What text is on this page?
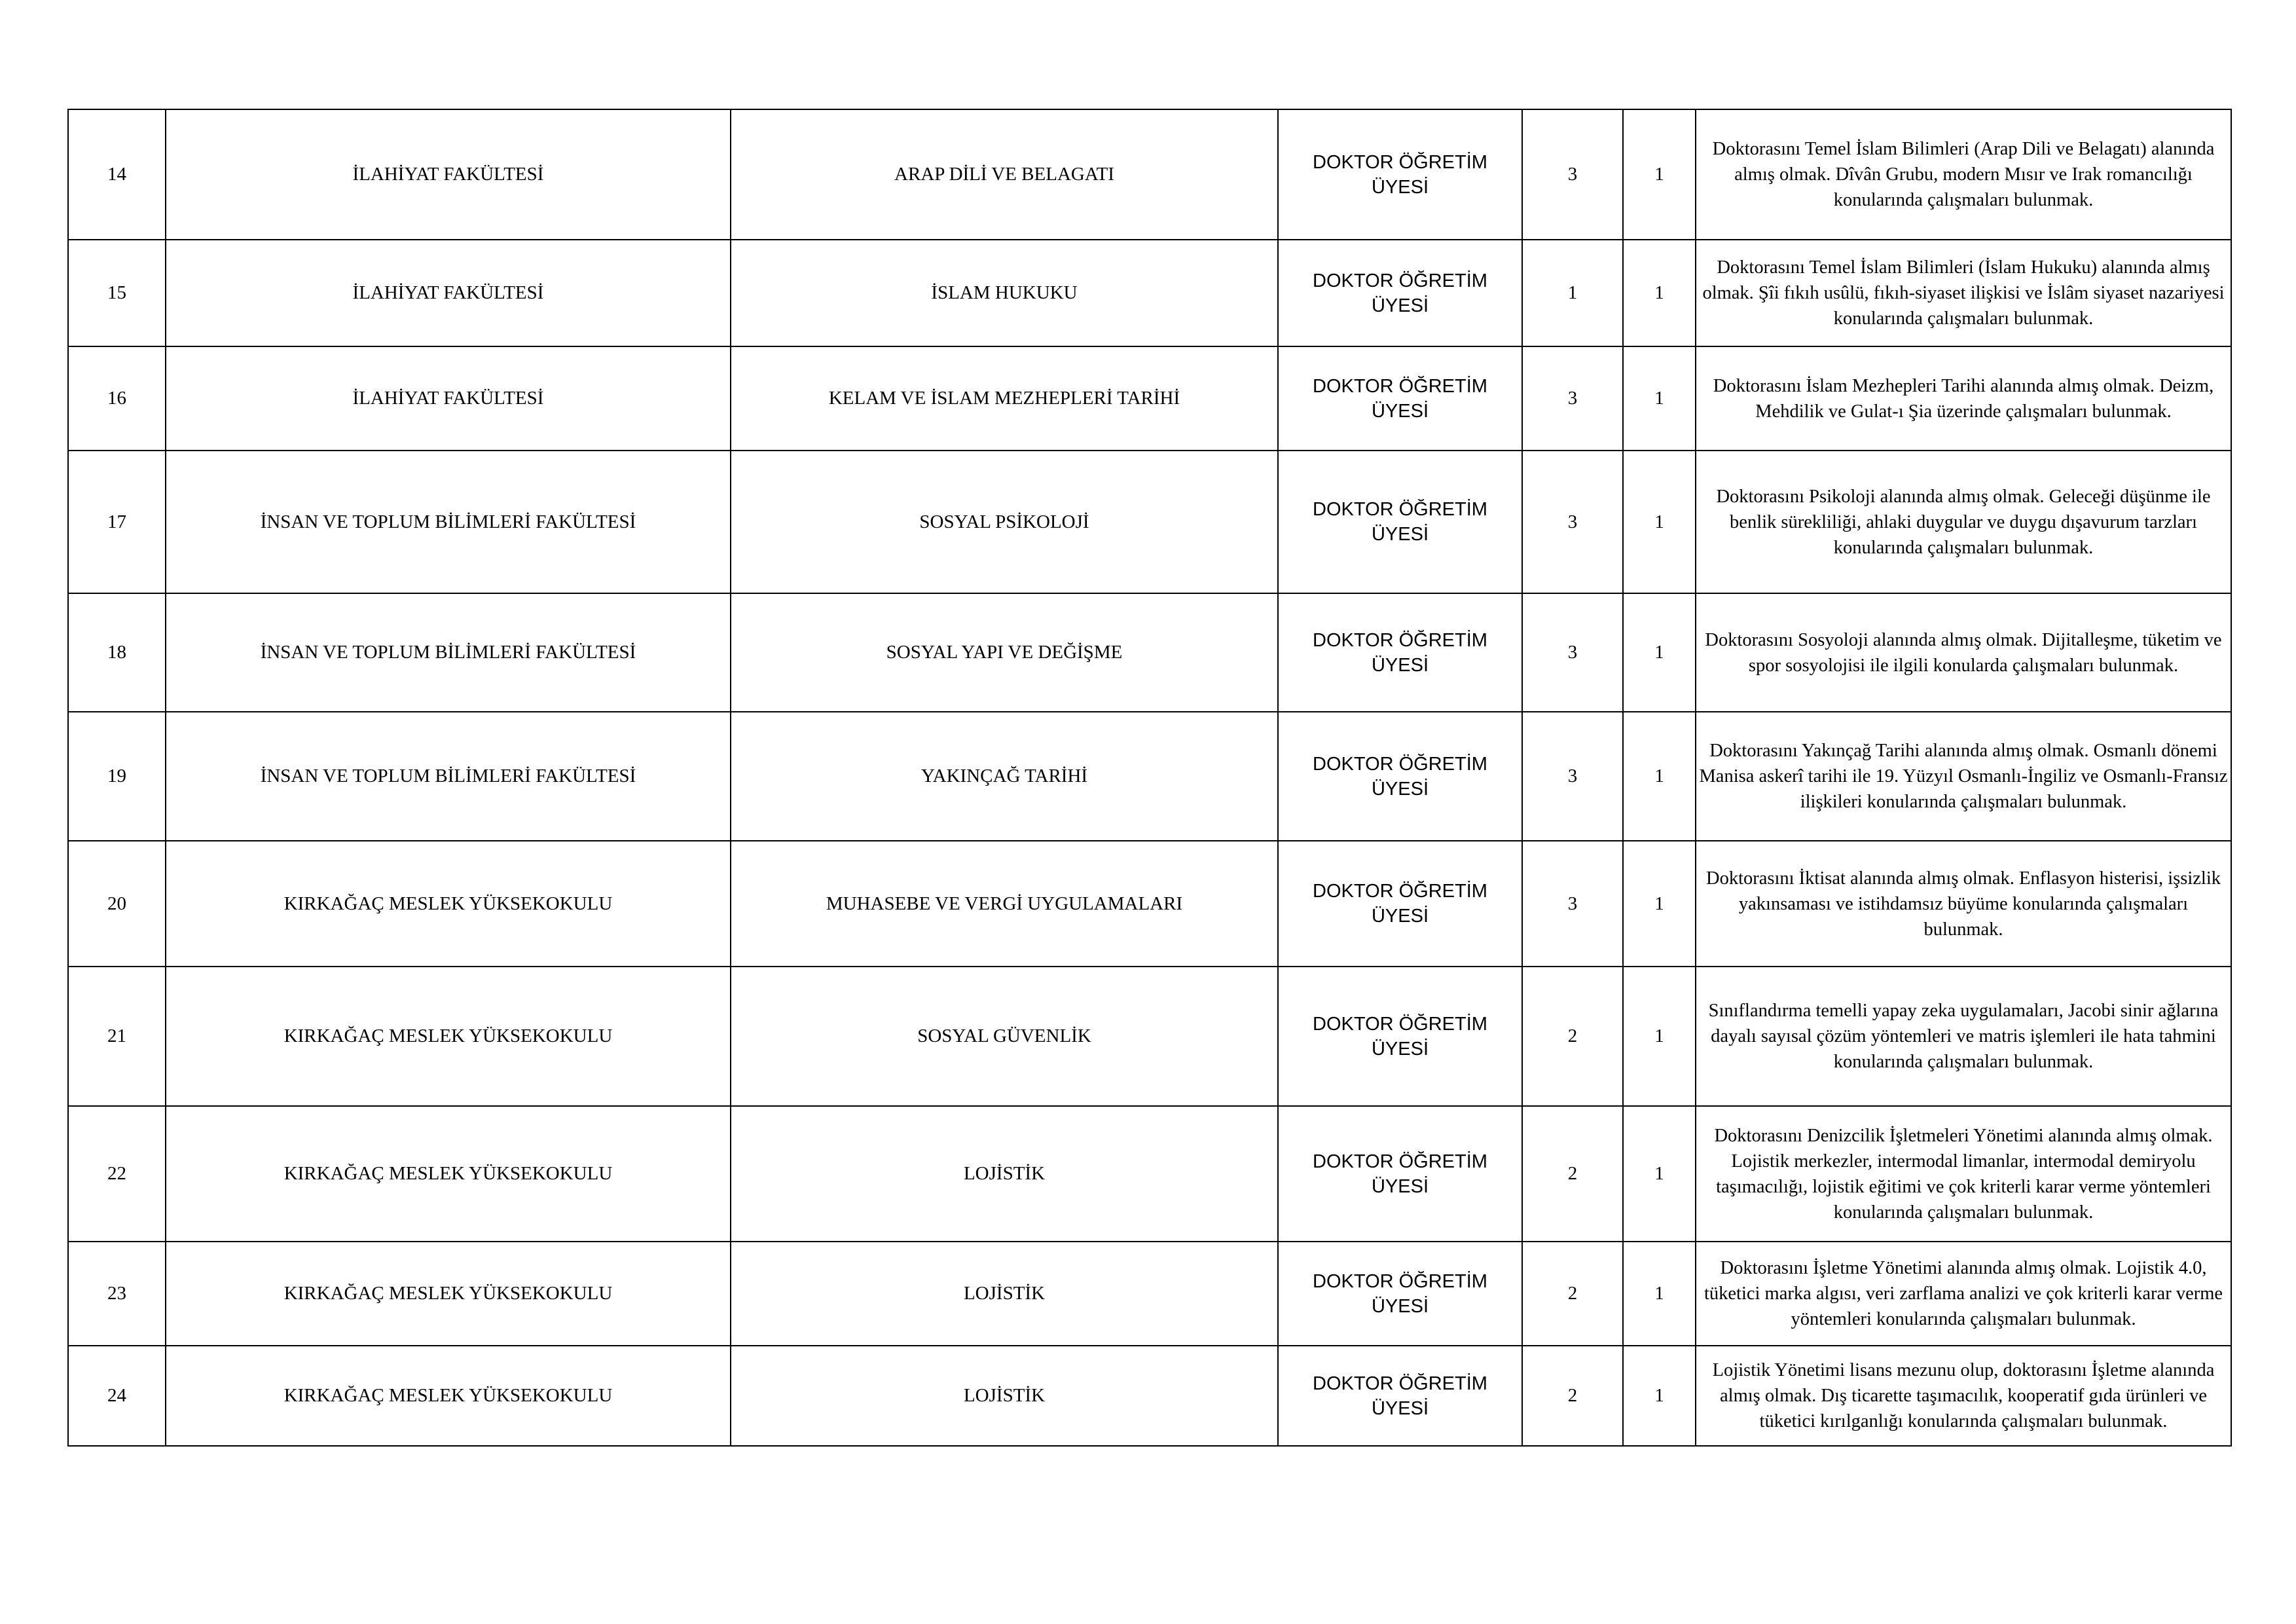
14	İLAHİYAT FAKÜLTESİ	ARAP DİLİ VE BELAGATI	DOKTOR ÖĞRETİM ÜYESİ	3	1	Doktorasını Temel İslam Bilimleri (Arap Dili ve Belagatı) alanında almış olmak. Dîvân Grubu, modern Mısır ve Irak romancılığı konularında çalışmaları bulunmak.
15	İLAHİYAT FAKÜLTESİ	İSLAM HUKUKU	DOKTOR ÖĞRETİM ÜYESİ	1	1	Doktorasını Temel İslam Bilimleri (İslam Hukuku) alanında almış olmak. Şîi fıkıh usûlü, fıkıh-siyaset ilişkisi ve İslâm siyaset nazariyesi konularında çalışmaları bulunmak.
16	İLAHİYAT FAKÜLTESİ	KELAM VE İSLAM MEZHEPLERİ TARİHİ	DOKTOR ÖĞRETİM ÜYESİ	3	1	Doktorasını İslam Mezhepleri Tarihi alanında almış olmak. Deizm, Mehdilik ve Gulat-ı Şia üzerinde çalışmaları bulunmak.
17	İNSAN VE TOPLUM BİLİMLERİ FAKÜLTESİ	SOSYAL PSİKOLOJİ	DOKTOR ÖĞRETİM ÜYESİ	3	1	Doktorasını Psikoloji alanında almış olmak. Geleceği düşünme ile benlik sürekliliği, ahlaki duygular ve duygu dışavurum tarzları konularında çalışmaları bulunmak.
18	İNSAN VE TOPLUM BİLİMLERİ FAKÜLTESİ	SOSYAL YAPI VE DEĞİŞME	DOKTOR ÖĞRETİM ÜYESİ	3	1	Doktorasını Sosyoloji alanında almış olmak. Dijitalleşme, tüketim ve spor sosyolojisi ile ilgili konularda çalışmaları bulunmak.
19	İNSAN VE TOPLUM BİLİMLERİ FAKÜLTESİ	YAKINÇAĞ TARİHİ	DOKTOR ÖĞRETİM ÜYESİ	3	1	Doktorasını Yakınçağ Tarihi alanında almış olmak. Osmanlı dönemi Manisa askerî tarihi ile 19. Yüzyıl Osmanlı-İngiliz ve Osmanlı-Fransız ilişkileri konularında çalışmaları bulunmak.
20	KIRKAĞAÇ MESLEK YÜKSEKOKULU	MUHASEBE VE VERGİ UYGULAMALARI	DOKTOR ÖĞRETİM ÜYESİ	3	1	Doktorasını İktisat alanında almış olmak. Enflasyon histerisi, işsizlik yakınsaması ve istihdamsız büyüme konularında çalışmaları bulunmak.
21	KIRKAĞAÇ MESLEK YÜKSEKOKULU	SOSYAL GÜVENLİK	DOKTOR ÖĞRETİM ÜYESİ	2	1	Sınıflandırma temelli yapay zeka uygulamaları, Jacobi sinir ağlarına dayalı sayısal çözüm yöntemleri ve matris işlemleri ile hata tahmini konularında çalışmaları bulunmak.
22	KIRKAĞAÇ MESLEK YÜKSEKOKULU	LOJİSTİK	DOKTOR ÖĞRETİM ÜYESİ	2	1	Doktorasını Denizcilik İşletmeleri Yönetimi alanında almış olmak. Lojistik merkezler, intermodal limanlar, intermodal demiryolu taşımacılığı, lojistik eğitimi ve çok kriterli karar verme yöntemleri konularında çalışmaları bulunmak.
23	KIRKAĞAÇ MESLEK YÜKSEKOKULU	LOJİSTİK	DOKTOR ÖĞRETİM ÜYESİ	2	1	Doktorasını İşletme Yönetimi alanında almış olmak. Lojistik 4.0, tüketici marka algısı, veri zarflama analizi ve çok kriterli karar verme yöntemleri konularında çalışmaları bulunmak.
24	KIRKAĞAÇ MESLEK YÜKSEKOKULU	LOJİSTİK	DOKTOR ÖĞRETİM ÜYESİ	2	1	Lojistik Yönetimi lisans mezunu olup, doktorasını İşletme alanında almış olmak. Dış ticarette taşımacılık, kooperatif gıda ürünleri ve tüketici kırılganlığı konularında çalışmaları bulunmak.
